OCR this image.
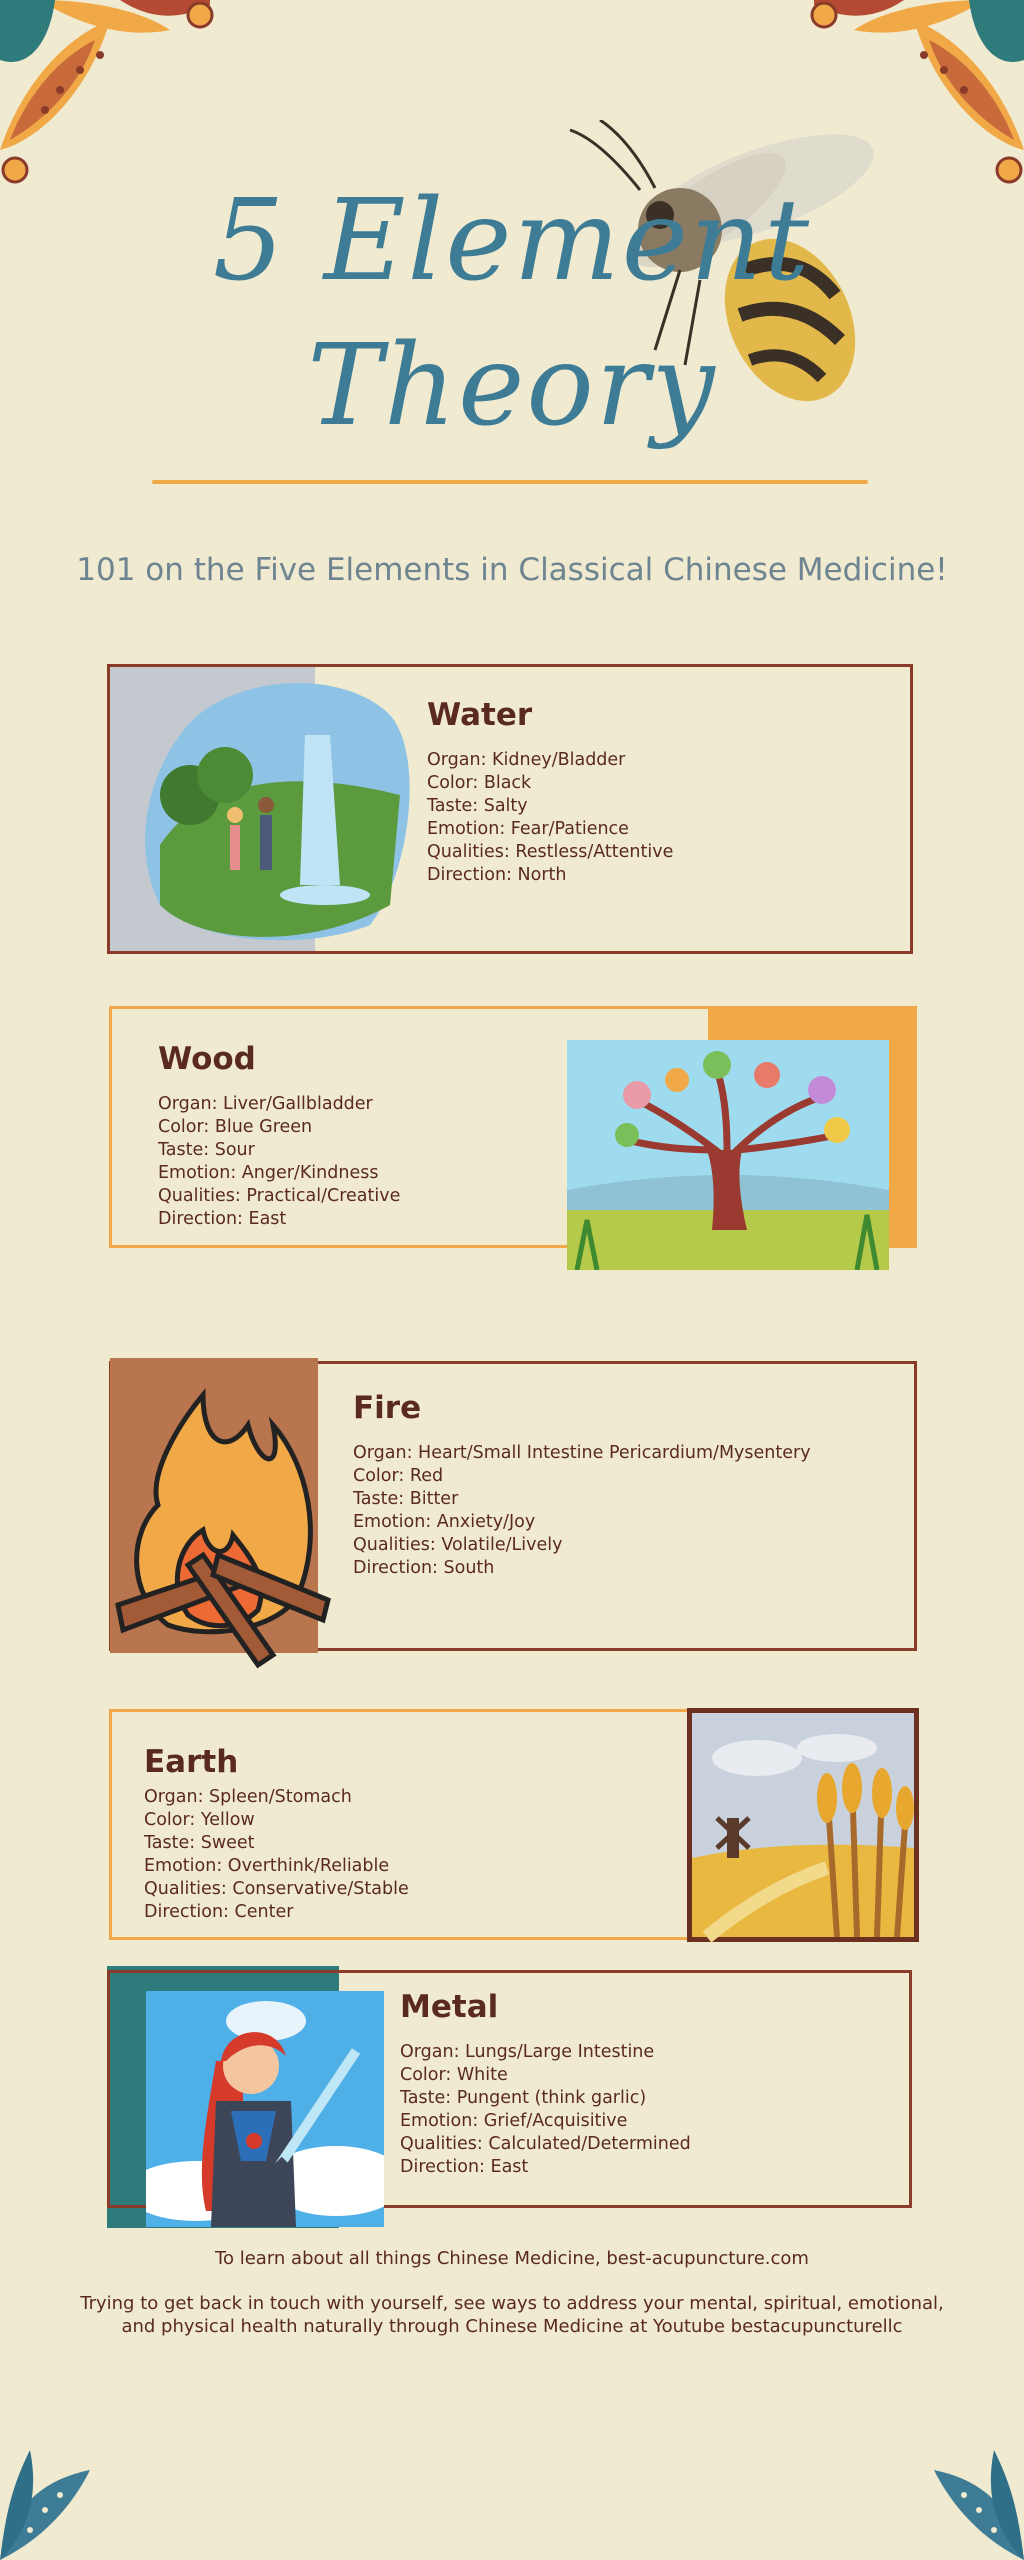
5 Element
Theory
101 on the Five Elements in Classical Chinese Medicine!
Water
Organ: Kidney/Bladder
Color: Black
Taste: Salty
Emotion: Fear/Patience
Qualities: Restless/Attentive
Direction: North
Wood
Organ: Liver/Gallbladder
Color: Blue Green
Taste: Sour
Emotion: Anger/Kindness
Qualities: Practical/Creative
Direction: East
Fire
Organ: Heart/Small Intestine Pericardium/Mysentery
Color: Red
Taste: Bitter
Emotion: Anxiety/Joy
Qualities: Volatile/Lively
Direction: South
Earth
Organ: Spleen/Stomach
Color: Yellow
Taste: Sweet
Emotion: Overthink/Reliable
Qualities: Conservative/Stable
Direction: Center
Metal
Organ: Lungs/Large Intestine
Color: White
Taste: Pungent (think garlic)
Emotion: Grief/Acquisitive
Qualities: Calculated/Determined
Direction: East
To learn about all things Chinese Medicine, best-acupuncture.com
Trying to get back in touch with yourself, see ways to address your mental, spiritual, emotional,
and physical health naturally through Chinese Medicine at Youtube bestacupuncturellc
